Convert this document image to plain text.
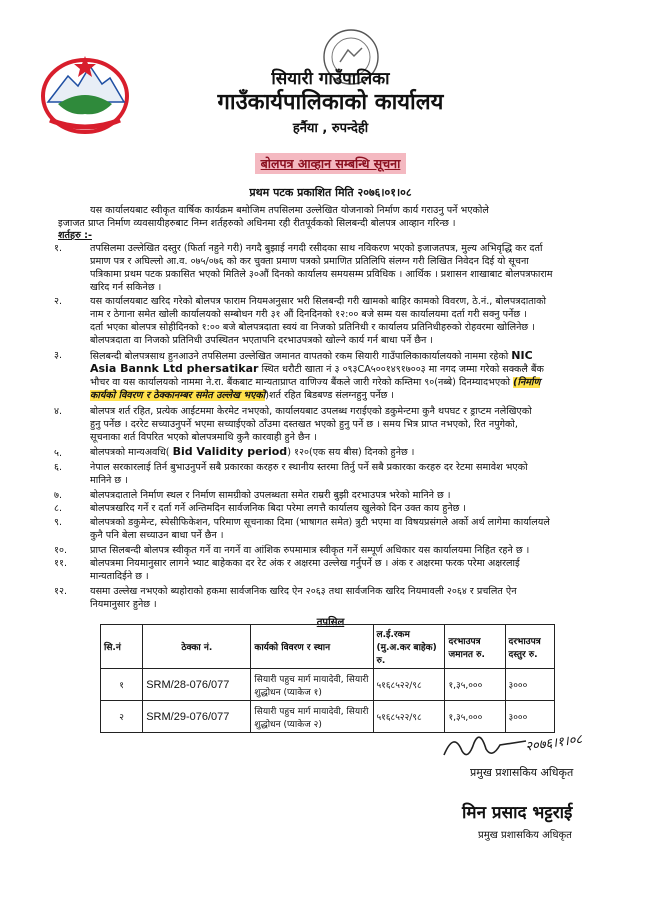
सियारी गाउँपालिका
गाउँकार्यपालिकाको कार्यालय
हर्नैया , रुपन्देही
बोलपत्र आव्हान सम्बन्धि सूचना
प्रथम पटक प्रकाशित मिति २०७६।०१।०८
यस कार्यालयबाट स्वीकृत वार्षिक कार्यक्रम बमोजिम तपसिलमा उल्लेखित योजनाको निर्माण कार्य गराउनु पर्ने भएकोले
इजाजत प्राप्त निर्माण व्यवसायीहरुबाट निम्न शर्तहरुको अधिनमा रही रीतपूर्वकको सिलबन्दी बोलपत्र आव्हान गरिन्छ ।
शर्तहरु :-
१.	तपसिलमा उल्लेखित दस्तुर (फिर्ता नहुने गरी) नगदै बुझाई नगदी रसीदका साथ नविकरण भएको इजाजतपत्र, मुल्य अभिवृद्धि कर दर्ता
प्रमाण पत्र र अघिल्लो आ.व. ०७५/०७६ को कर चुक्ता प्रमाण पत्रको प्रमाणित प्रतिलिपि संलग्न गरी लिखित निवेदन दिई यो सूचना
पत्रिकामा प्रथम पटक प्रकासित भएको मितिले ३०औं दिनको कार्यालय समयसम्म प्रविधिक । आर्थिक । प्रशासन शाखाबाट बोलपत्रफाराम
खरिद गर्न सकिनेछ ।
२.	यस कार्यालयबाट खरिद गरेको बोलपत्र फाराम नियमअनुसार भरी सिलबन्दी गरी खामको बाहिर कामको विवरण, ठे.नं., बोलपत्रदाताको
नाम र ठेगाना समेत खोली कार्यालयको सम्बोधन गरी ३१ औं दिनदिनको १२:०० बजे सम्म यस कार्यालयमा दर्ता गरी सक्नु पर्नेछ ।
दर्ता भएका बोलपत्र सोहीदिनको १:०० बजे बोलपत्रदाता स्वयं वा निजको प्रतिनिधी र कार्यालय प्रतिनिधीहरुको रोहवरमा खोलिनेछ ।
बोलपत्रदाता वा निजको प्रतिनिधी उपस्थितन भएतापनि दरभाउपत्रको खोल्ने कार्य गर्न बाधा पर्ने छैन ।
३.	सिलबन्दी बोलपत्रसाथ हुनआउने तपसिलमा उल्लेखित जमानत वापतको रकम सियारी गाउँपालिकाकार्यालयको नाममा रहेको NIC
Asia Bannk Ltd phersatikar स्थित धरौटी खाता नं ३ ०९३CA५००१४९१७००३ मा नगद जम्मा गरेको सक्कलै बैंक
भौचर वा यस कार्यालयको नाममा ने.रा. बैंकबाट मान्यताप्राप्त वाणिज्य बैंकले जारी गरेको कम्तिमा ९०(नब्बे) दिनम्यादभएको (निर्माण
कार्यको विवरण र ठेक्कानम्बर समेत उल्लेख भएको)शर्त रहित बिडबण्ड संलग्नहुनु पर्नेछ ।
४.	बोलपत्र शर्त रहित, प्रत्येक आईटममा केरमेट नभएको, कार्यालयबाट उपलब्ध गराईएको डकुमेन्टमा कुनै थपघट र ड्राप्टम नलेखिएको
हुनु पर्नेछ । दररेट सच्याउनुपर्ने भएमा सच्याईएको ठाँउमा दस्तखत भएको हुनु पर्ने छ । समय भित्र प्राप्त नभएको, रित नपुगेको,
सूचनाका शर्त विपरित भएको बोलपत्रमाथि कुनै कारवाही हुने छैन ।
५.	बोलपत्रको मान्यअवधि( Bid Validity period) १२०(एक सय बीस) दिनको हुनेछ ।
६.	नेपाल सरकारलाई तिर्न बुभाउनुपर्ने सबै प्रकारका करहरु र स्थानीय स्तरमा तिर्नु पर्ने सबै प्रकारका करहरु दर रेटमा समावेश भएको
मानिने छ ।
७.	बोलपत्रदाताले निर्माण स्थल र निर्माण सामग्रीको उपलब्धता समेत राम्ररी बुझी दरभाउपत्र भरेको मानिने छ ।
८.	बोलपत्रखरिद गर्ने र दर्ता गर्ने अन्तिमदिन सार्वजनिक बिदा परेमा लगत्तै कार्यालय खुलेको दिन उक्त काय हुनेछ ।
९.	बोलपत्रको डकुमेन्ट, स्पेसीफिकेशन, परिमाण सूचनाका दिमा (भाषागत समेत) त्रुटी भएमा वा विषयप्रसंगले अर्को अर्थ लागेमा कार्यालयले
कुनै पनि बेला सच्याउन बाधा पर्ने छैन ।
१०. प्राप्त सिलबन्दी बोलपत्र स्वीकृत गर्ने वा नगर्ने वा आंशिक रुपमामात्र स्वीकृत गर्ने सम्पूर्ण अधिकार यस कार्यालयमा निहित रहने छ ।
११. बोलपत्रमा नियमानुसार लागने भ्याट बाहेकका दर रेट अंक र अक्षरमा उल्लेख गर्नुपर्ने छ । अंक र अक्षरमा फरक परेमा अक्षरलाई
मान्यतादिईने छ ।
१२. यसमा उल्लेख नभएको ब्यहोराको हकमा सार्वजनिक खरिद ऐन २०६३ तथा सार्वजनिक खरिद नियमावली २०६४ र प्रचलित ऐन
नियमानुसार हुनेछ ।
तपसिल
सि.नं	ठेक्का नं.	कार्यको विवरण र स्थान	ल.ई.रकम (मु.अ.कर बाहेक) रु.	दरभाउपत्र जमानत रु.	दरभाउपत्र दस्तुर रु.
१	SRM/28-076/077	सियारी पहुच मार्ग मायादेवी, सियारी शुद्धोधन (प्याकेज १)	५१६८५२२/९८	१,३५,०००	३०००
२	SRM/29-076/077	सियारी पहुच मार्ग मायादेवी, सियारी शुद्धोधन (प्याकेज २)	५१६८५२२/९८	१,३५,०००	३०००
२०७६।१।०८
प्रमुख प्रशासकिय अधिकृत
मिन प्रसाद भट्टराई
प्रमुख प्रशासकिय अधिकृत
